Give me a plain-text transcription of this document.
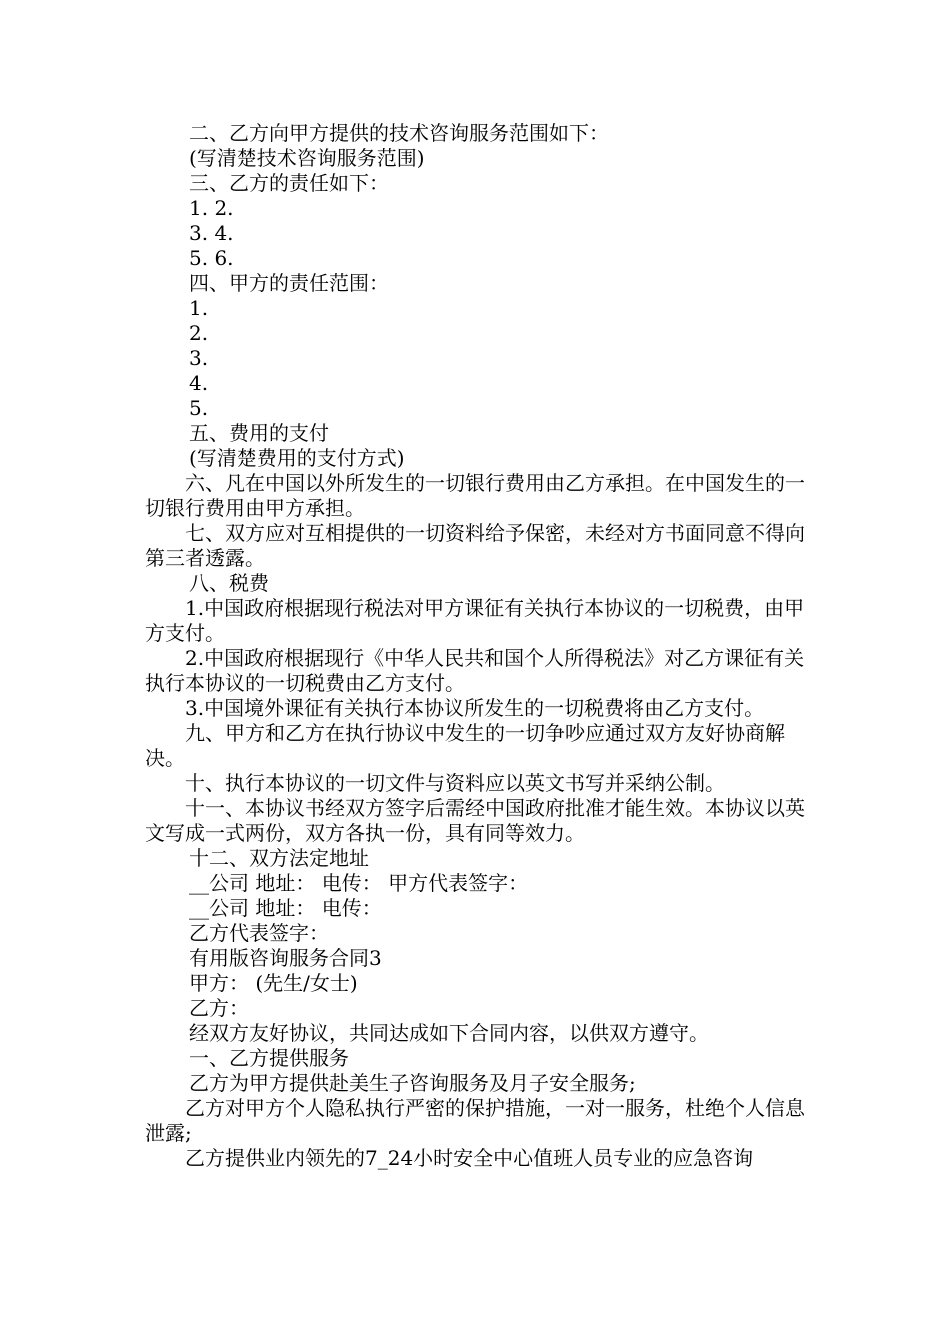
二、乙方向甲方提供的技术咨询服务范围如下：

(写清楚技术咨询服务范围)

三、乙方的责任如下：

1. 2.

3. 4.

5. 6.

四、甲方的责任范围：

1.

2.

3.

4.

5.

五、费用的支付

(写清楚费用的支付方式)

六、凡在中国以外所发生的一切银行费用由乙方承担。在中国发生的一切银行费用由甲方承担。

七、双方应对互相提供的一切资料给予保密，未经对方书面同意不得向第三者透露。

八、税费

1.中国政府根据现行税法对甲方课征有关执行本协议的一切税费，由甲方支付。

2.中国政府根据现行《中华人民共和国个人所得税法》对乙方课征有关执行本协议的一切税费由乙方支付。

3.中国境外课征有关执行本协议所发生的一切税费将由乙方支付。

九、甲方和乙方在执行协议中发生的一切争吵应通过双方友好协商解决。

十、执行本协议的一切文件与资料应以英文书写并采纳公制。

十一、本协议书经双方签字后需经中国政府批准才能生效。本协议以英文写成一式两份，双方各执一份，具有同等效力。

十二、双方法定地址

__公司 地址： 电传： 甲方代表签字：

__公司 地址： 电传：

乙方代表签字：

有用版咨询服务合同3

甲方： (先生/女士)

乙方：

经双方友好协议，共同达成如下合同内容，以供双方遵守。

一、乙方提供服务

乙方为甲方提供赴美生子咨询服务及月子安全服务;

乙方对甲方个人隐私执行严密的保护措施，一对一服务，杜绝个人信息泄露;

乙方提供业内领先的7_24小时安全中心值班人员专业的应急咨询
